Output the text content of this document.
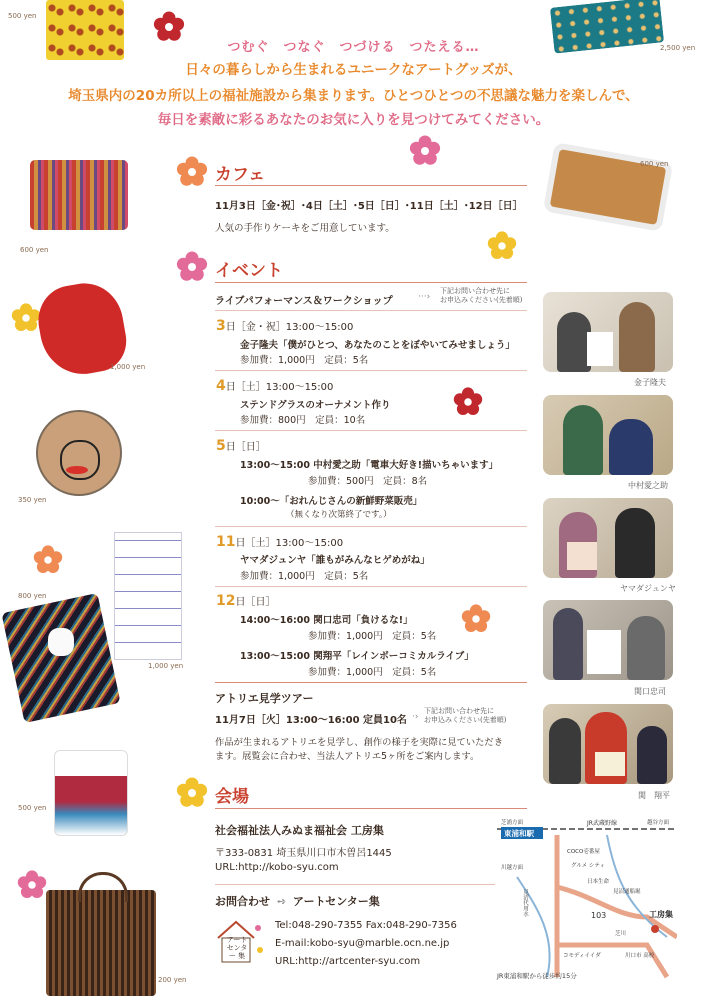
500 yen
2,500 yen
600 yen
600 yen
1,000 yen
350 yen
800 yen
1,000 yen
500 yen
200 yen
つむぐ　つなぐ　つづける　つたえる…
日々の暮らしから生まれるユニークなアートグッズが、
埼玉県内の20カ所以上の福祉施設から集まります。ひとつひとつの不思議な魅力を楽しんで、
毎日を素敵に彩るあなたのお気に入りを見つけてみてください。
カフェ
11月3日［金･祝］･4日［土］･5日［日］･11日［土］･12日［日］
人気の手作りケーキをご用意しています。
イベント
ライブパフォーマンス＆ワークショップ	···›
下記お問い合わせ先に
お申込みください(先着順)
3日［金・祝］13:00〜15:00
金子隆夫「僕がひとつ、あなたのことをぼやいてみせましょう」
参加費：1,000円　定員：5名
4日［土］13:00〜15:00
ステンドグラスのオーナメント作り
参加費：800円　定員：10名
5日［日］
13:00〜15:00 中村愛之助「電車大好き!描いちゃいます」
参加費：500円　定員：8名
10:00〜「おれんじさんの新鮮野菜販売」
（無くなり次第終了です。）
11日［土］13:00〜15:00
ヤマダジュンヤ「誰もがみんなヒゲめがね」
参加費：1,000円　定員：5名
12日［日］
14:00〜16:00 関口忠司「負けるな!」
参加費：1,000円　定員：5名
13:00〜15:00 関翔平「レインボーコミカルライブ」
参加費：1,000円　定員：5名
アトリエ見学ツアー
11月7日［火］13:00〜16:00 定員10名 ·›
下記お問い合わせ先に
お申込みください(先着順)
作品が生まれるアトリエを見学し、創作の様子を実際に見ていただき
ます。展覧会に合わせ、当法人アトリエ5ヶ所をご案内します。
金子隆夫
中村愛之助
ヤマダジュンヤ
関口忠司
関　翔平
会場
社会福祉法人みぬま福祉会 工房集
〒333-0831 埼玉県川口市木曽呂1445
URL:http://kobo-syu.com
お問合わせ ➺ アートセンター集
アート センター 集
Tel:048-290-7355 Fax:048-290-7356
E-mail:kobo-syu@marble.ocn.ne.jp
URL:http://artcenter-syu.com
東浦和駅
JR武蔵野線
工房集
103
COCO壱番屋
グルメ シティ
日本生命
見沼通船堀
芝川
川口市 高校
越谷方面
芝浦方面
見沼代用水
コモディイイダ
川越方面
JR東浦和駅から徒歩約15分
